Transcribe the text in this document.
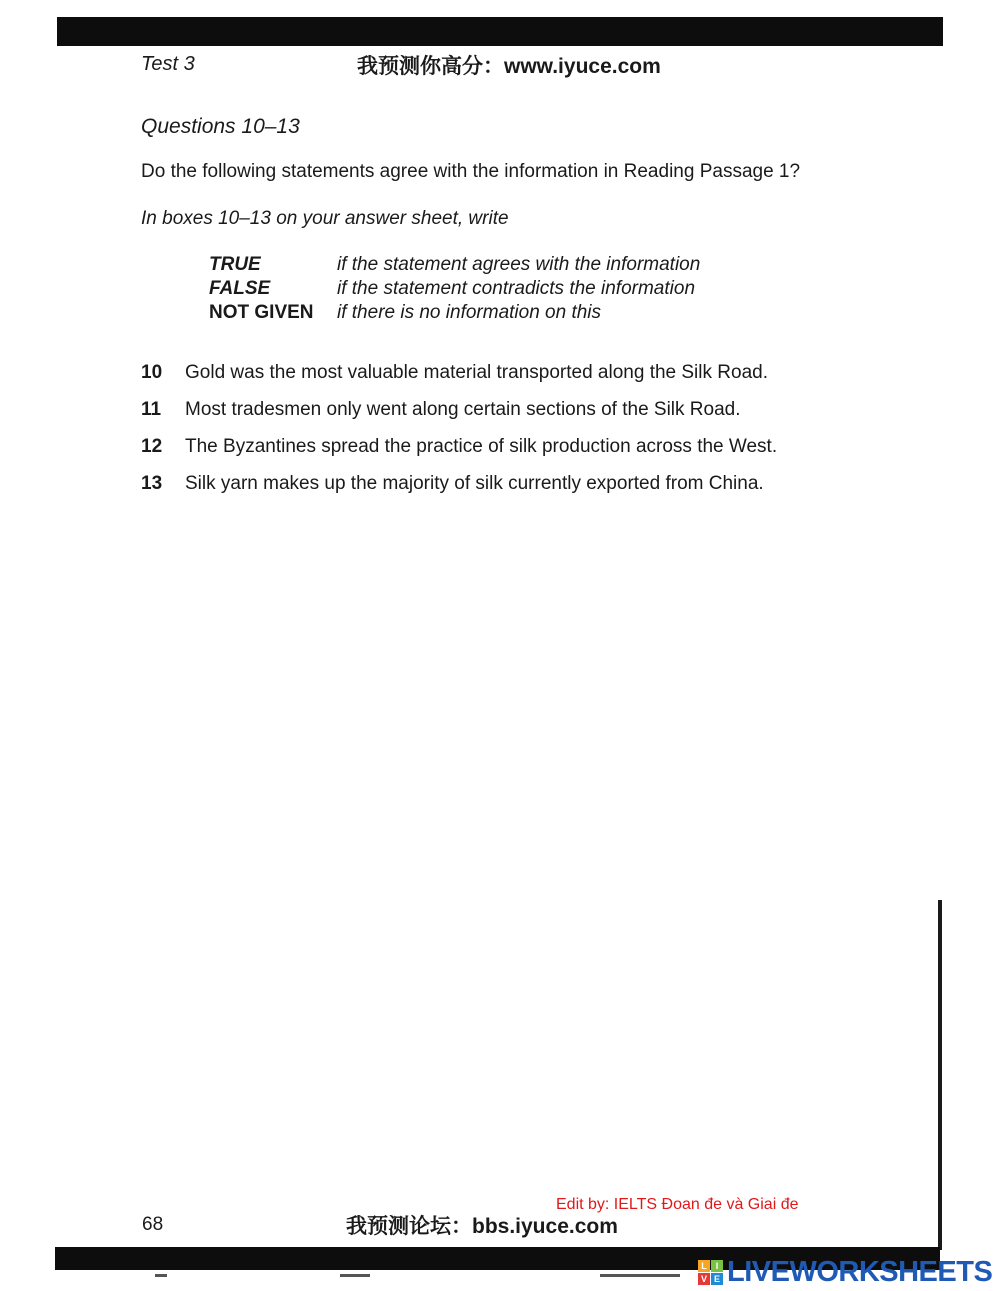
Test 3	我预测你高分：www.iyuce.com
Questions 10–13
Do the following statements agree with the information in Reading Passage 1?
In boxes 10–13 on your answer sheet, write
TRUE	if the statement agrees with the information
FALSE	if the statement contradicts the information
NOT GIVEN	if there is no information on this
10	Gold was the most valuable material transported along the Silk Road.
11	Most tradesmen only went along certain sections of the Silk Road.
12	The Byzantines spread the practice of silk production across the West.
13	Silk yarn makes up the majority of silk currently exported from China.
Edit by: IELTS Đoan đe và Giai đe
68	我预测论坛：bbs.iyuce.com
L I
V E LIVEWORKSHEETS
